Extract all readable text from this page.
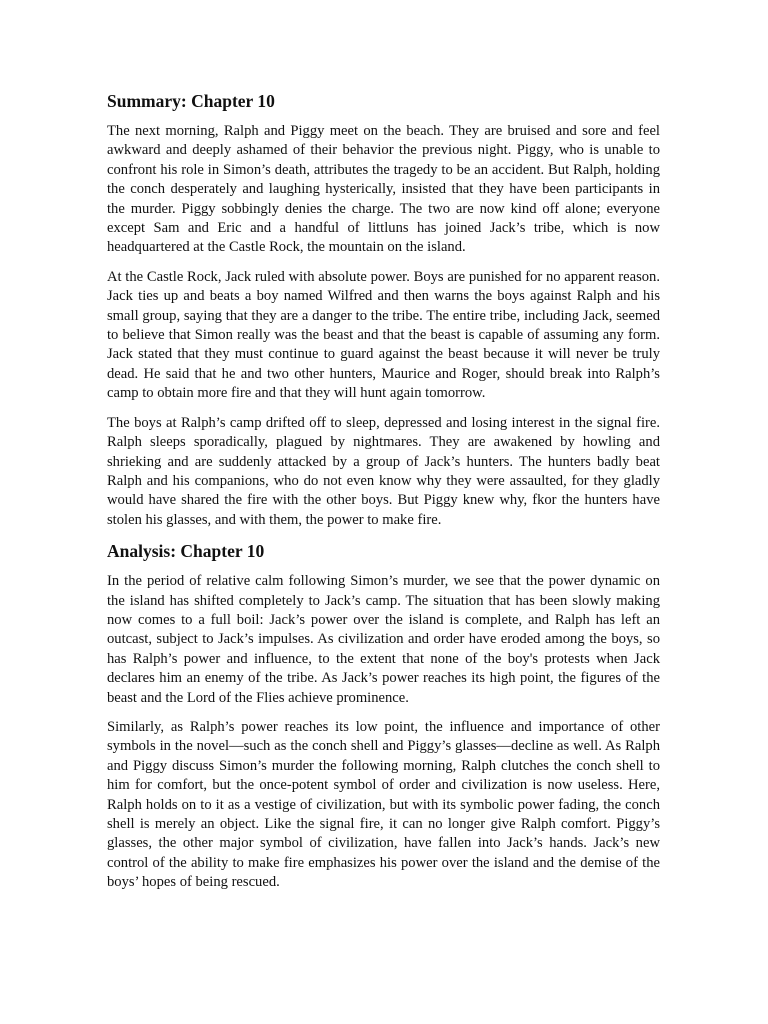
Summary: Chapter 10

The next morning, Ralph and Piggy meet on the beach. They are bruised and sore and feel awkward and deeply ashamed of their behavior the previous night. Piggy, who is unable to confront his role in Simon’s death, attributes the tragedy to be an accident. But Ralph, holding the conch desperately and laughing hysterically, insisted that they have been participants in the murder. Piggy sobbingly denies the charge. The two are now kind off alone; everyone except Sam and Eric and a handful of littluns has joined Jack’s tribe, which is now headquartered at the Castle Rock, the mountain on the island.

At the Castle Rock, Jack ruled with absolute power. Boys are punished for no apparent reason. Jack ties up and beats a boy named Wilfred and then warns the boys against Ralph and his small group, saying that they are a danger to the tribe. The entire tribe, including Jack, seemed to believe that Simon really was the beast and that the beast is capable of assuming any form. Jack stated that they must continue to guard against the beast because it will never be truly dead. He said that he and two other hunters, Maurice and Roger, should break into Ralph’s camp to obtain more fire and that they will hunt again tomorrow.

The boys at Ralph’s camp drifted off to sleep, depressed and losing interest in the signal fire. Ralph sleeps sporadically, plagued by nightmares. They are awakened by howling and shrieking and are suddenly attacked by a group of Jack’s hunters. The hunters badly beat Ralph and his companions, who do not even know why they were assaulted, for they gladly would have shared the fire with the other boys. But Piggy knew why, fkor the hunters have stolen his glasses, and with them, the power to make fire.

Analysis: Chapter 10

In the period of relative calm following Simon’s murder, we see that the power dynamic on the island has shifted completely to Jack’s camp. The situation that has been slowly making now comes to a full boil: Jack’s power over the island is complete, and Ralph has left an outcast, subject to Jack’s impulses. As civilization and order have eroded among the boys, so has Ralph’s power and influence, to the extent that none of the boy's protests when Jack declares him an enemy of the tribe. As Jack’s power reaches its high point, the figures of the beast and the Lord of the Flies achieve prominence.

Similarly, as Ralph’s power reaches its low point, the influence and importance of other symbols in the novel—such as the conch shell and Piggy’s glasses—decline as well. As Ralph and Piggy discuss Simon’s murder the following morning, Ralph clutches the conch shell to him for comfort, but the once-potent symbol of order and civilization is now useless. Here, Ralph holds on to it as a vestige of civilization, but with its symbolic power fading, the conch shell is merely an object. Like the signal fire, it can no longer give Ralph comfort. Piggy’s glasses, the other major symbol of civilization, have fallen into Jack’s hands. Jack’s new control of the ability to make fire emphasizes his power over the island and the demise of the boys’ hopes of being rescued.
